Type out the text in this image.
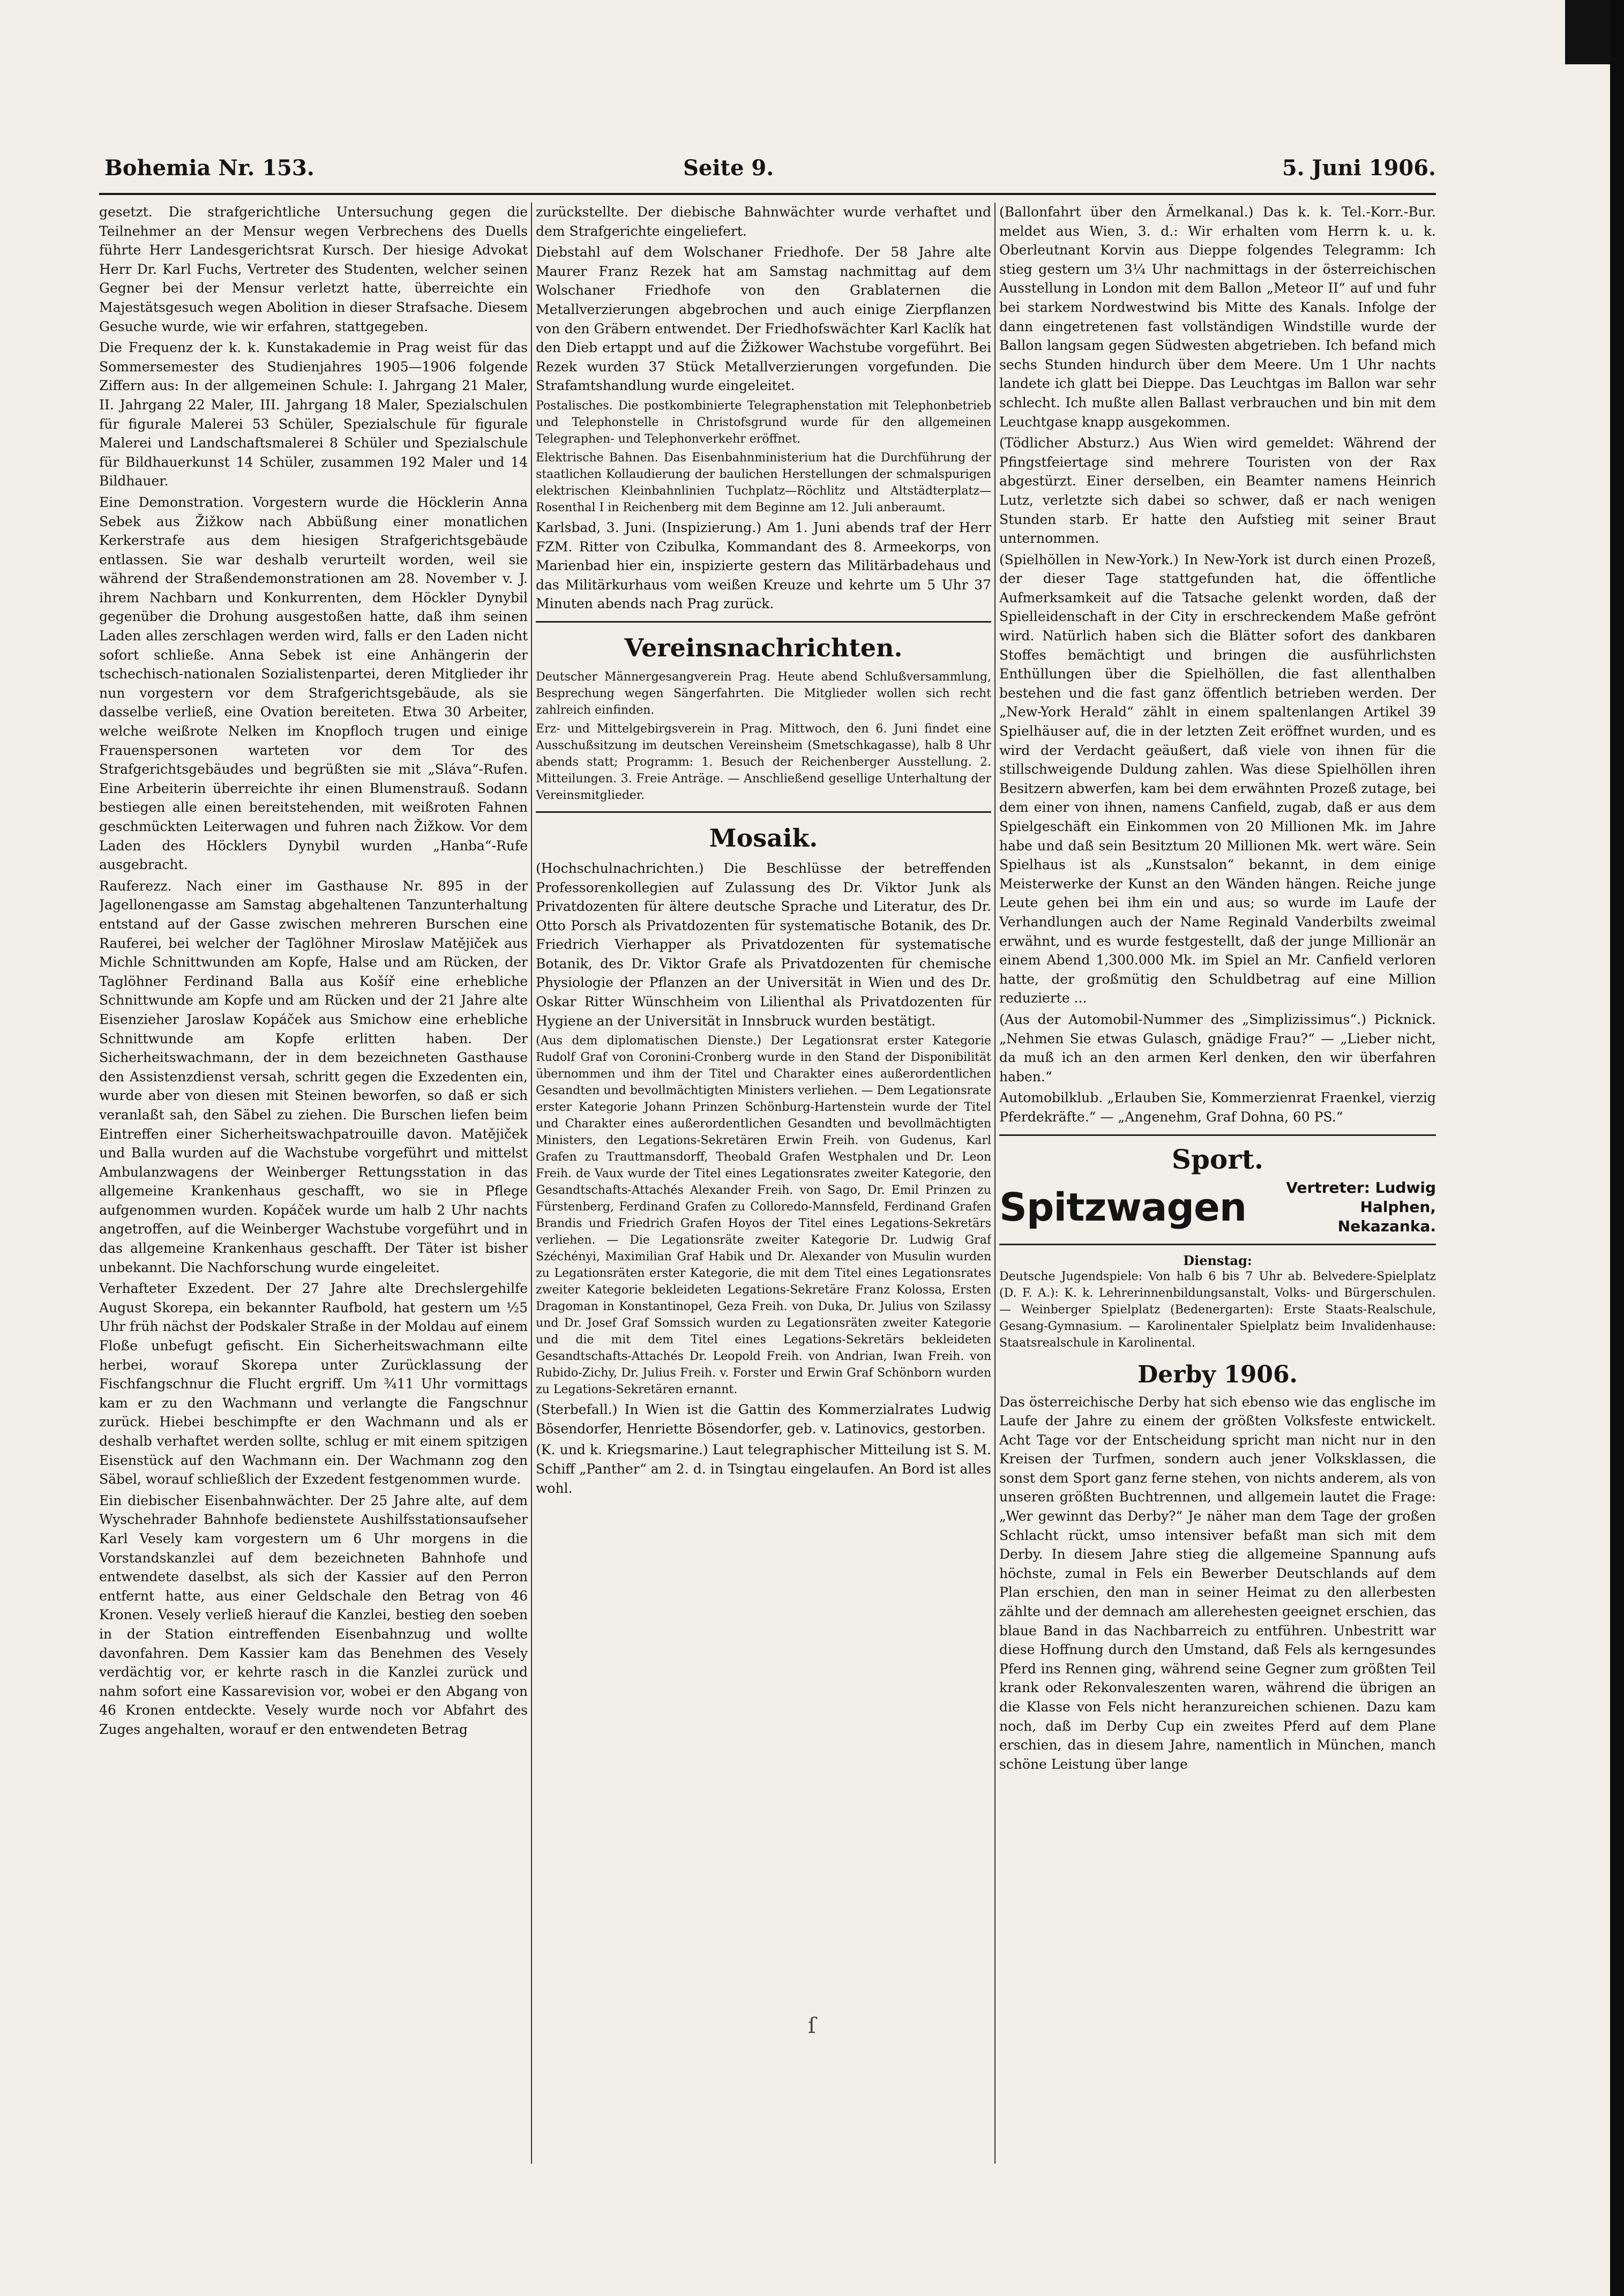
Bohemia Nr. 153.	Seite 9.	5. Juni 1906.

gesetzt. Die strafgerichtliche Untersuchung gegen die Teilnehmer an der Mensur wegen Verbrechens des Duells führte Herr Landesgerichtsrat Kursch. Der hiesige Advokat Herr Dr. Karl Fuchs, Vertreter des Studenten, welcher seinen Gegner bei der Mensur verletzt hatte, überreichte ein Majestätsgesuch wegen Abolition in dieser Strafsache. Diesem Gesuche wurde, wie wir erfahren, stattgegeben.

Die Frequenz der k. k. Kunstakademie in Prag weist für das Sommersemester des Studienjahres 1905—1906 folgende Ziffern aus: In der allgemeinen Schule: I. Jahrgang 21 Maler, II. Jahrgang 22 Maler, III. Jahrgang 18 Maler, Spezialschulen für figurale Malerei 53 Schüler, Spezialschule für figurale Malerei und Landschaftsmalerei 8 Schüler und Spezialschule für Bildhauerkunst 14 Schüler, zusammen 192 Maler und 14 Bildhauer.

Eine Demonstration. Vorgestern wurde die Höcklerin Anna Sebek aus Žižkow nach Abbüßung einer monatlichen Kerkerstrafe aus dem hiesigen Strafgerichtsgebäude entlassen. Sie war deshalb verurteilt worden, weil sie während der Straßendemonstrationen am 28. November v. J. ihrem Nachbarn und Konkurrenten, dem Höckler Dynybil gegenüber die Drohung ausgestoßen hatte, daß ihm seinen Laden alles zerschlagen werden wird, falls er den Laden nicht sofort schließe. Anna Sebek ist eine Anhängerin der tschechisch-nationalen Sozialistenpartei, deren Mitglieder ihr nun vorgestern vor dem Strafgerichtsgebäude, als sie dasselbe verließ, eine Ovation bereiteten. Etwa 30 Arbeiter, welche weißrote Nelken im Knopfloch trugen und einige Frauenspersonen warteten vor dem Tor des Strafgerichtsgebäudes und begrüßten sie mit „Sláva“-Rufen. Eine Arbeiterin überreichte ihr einen Blumenstrauß. Sodann bestiegen alle einen bereitstehenden, mit weißroten Fahnen geschmückten Leiterwagen und fuhren nach Žižkow. Vor dem Laden des Höcklers Dynybil wurden „Hanba“-Rufe ausgebracht.

Rauferezz. Nach einer im Gasthause Nr. 895 in der Jagellonengasse am Samstag abgehaltenen Tanzunterhaltung entstand auf der Gasse zwischen mehreren Burschen eine Rauferei, bei welcher der Taglöhner Miroslaw Matějiček aus Michle Schnittwunden am Kopfe, Halse und am Rücken, der Taglöhner Ferdinand Balla aus Košíř eine erhebliche Schnittwunde am Kopfe und am Rücken und der 21 Jahre alte Eisenzieher Jaroslaw Kopáček aus Smichow eine erhebliche Schnittwunde am Kopfe erlitten haben. Der Sicherheitswachmann, der in dem bezeichneten Gasthause den Assistenzdienst versah, schritt gegen die Exzedenten ein, wurde aber von diesen mit Steinen beworfen, so daß er sich veranlaßt sah, den Säbel zu ziehen. Die Burschen liefen beim Eintreffen einer Sicherheitswachpatrouille davon. Matějiček und Balla wurden auf die Wachstube vorgeführt und mittelst Ambulanzwagens der Weinberger Rettungsstation in das allgemeine Krankenhaus geschafft, wo sie in Pflege aufgenommen wurden. Kopáček wurde um halb 2 Uhr nachts angetroffen, auf die Weinberger Wachstube vorgeführt und in das allgemeine Krankenhaus geschafft. Der Täter ist bisher unbekannt. Die Nachforschung wurde eingeleitet.

Verhafteter Exzedent. Der 27 Jahre alte Drechslergehilfe August Skorepa, ein bekannter Raufbold, hat gestern um ½5 Uhr früh nächst der Podskaler Straße in der Moldau auf einem Floße unbefugt gefischt. Ein Sicherheitswachmann eilte herbei, worauf Skorepa unter Zurücklassung der Fischfangschnur die Flucht ergriff. Um ¾11 Uhr vormittags kam er zu den Wachmann und verlangte die Fangschnur zurück. Hiebei beschimpfte er den Wachmann und als er deshalb verhaftet werden sollte, schlug er mit einem spitzigen Eisenstück auf den Wachmann ein. Der Wachmann zog den Säbel, worauf schließlich der Exzedent festgenommen wurde.

Ein diebischer Eisenbahnwächter. Der 25 Jahre alte, auf dem Wyschehrader Bahnhofe bedienstete Aushilfsstationsaufseher Karl Vesely kam vorgestern um 6 Uhr morgens in die Vorstandskanzlei auf dem bezeichneten Bahnhofe und entwendete daselbst, als sich der Kassier auf den Perron entfernt hatte, aus einer Geldschale den Betrag von 46 Kronen. Vesely verließ hierauf die Kanzlei, bestieg den soeben in der Station eintreffenden Eisenbahnzug und wollte davonfahren. Dem Kassier kam das Benehmen des Vesely verdächtig vor, er kehrte rasch in die Kanzlei zurück und nahm sofort eine Kassarevision vor, wobei er den Abgang von 46 Kronen entdeckte. Vesely wurde noch vor Abfahrt des Zuges angehalten, worauf er den entwendeten Betrag

zurückstellte. Der diebische Bahnwächter wurde verhaftet und dem Strafgerichte eingeliefert.

Diebstahl auf dem Wolschaner Friedhofe. Der 58 Jahre alte Maurer Franz Rezek hat am Samstag nachmittag auf dem Wolschaner Friedhofe von den Grablaternen die Metallverzierungen abgebrochen und auch einige Zierpflanzen von den Gräbern entwendet. Der Friedhofswächter Karl Kaclík hat den Dieb ertappt und auf die Žižkower Wachstube vorgeführt. Bei Rezek wurden 37 Stück Metallverzierungen vorgefunden. Die Strafamtshandlung wurde eingeleitet.

Postalisches. Die postkombinierte Telegraphenstation mit Telephonbetrieb und Telephonstelle in Christofsgrund wurde für den allgemeinen Telegraphen- und Telephonverkehr eröffnet.

Elektrische Bahnen. Das Eisenbahnministerium hat die Durchführung der staatlichen Kollaudierung der baulichen Herstellungen der schmalspurigen elektrischen Kleinbahnlinien Tuchplatz—Röchlitz und Altstädterplatz—Rosenthal I in Reichenberg mit dem Beginne am 12. Juli anberaumt.

Karlsbad, 3. Juni. (Inspizierung.) Am 1. Juni abends traf der Herr FZM. Ritter von Czibulka, Kommandant des 8. Armeekorps, von Marienbad hier ein, inspizierte gestern das Militärbadehaus und das Militärkurhaus vom weißen Kreuze und kehrte um 5 Uhr 37 Minuten abends nach Prag zurück.

Vereinsnachrichten.

Deutscher Männergesangverein Prag. Heute abend Schlußversammlung, Besprechung wegen Sängerfahrten. Die Mitglieder wollen sich recht zahlreich einfinden.

Erz- und Mittelgebirgsverein in Prag. Mittwoch, den 6. Juni findet eine Ausschußsitzung im deutschen Vereinsheim (Smetschkagasse), halb 8 Uhr abends statt; Programm: 1. Besuch der Reichenberger Ausstellung. 2. Mitteilungen. 3. Freie Anträge. — Anschließend gesellige Unterhaltung der Vereinsmitglieder.

Mosaik.

(Hochschulnachrichten.) Die Beschlüsse der betreffenden Professorenkollegien auf Zulassung des Dr. Viktor Junk als Privatdozenten für ältere deutsche Sprache und Literatur, des Dr. Otto Porsch als Privatdozenten für systematische Botanik, des Dr. Friedrich Vierhapper als Privatdozenten für systematische Botanik, des Dr. Viktor Grafe als Privatdozenten für chemische Physiologie der Pflanzen an der Universität in Wien und des Dr. Oskar Ritter Wünschheim von Lilienthal als Privatdozenten für Hygiene an der Universität in Innsbruck wurden bestätigt.

(Aus dem diplomatischen Dienste.) Der Legationsrat erster Kategorie Rudolf Graf von Coronini-Cronberg wurde in den Stand der Disponibilität übernommen und ihm der Titel und Charakter eines außerordentlichen Gesandten und bevollmächtigten Ministers verliehen. — Dem Legationsrate erster Kategorie Johann Prinzen Schönburg-Hartenstein wurde der Titel und Charakter eines außerordentlichen Gesandten und bevollmächtigten Ministers, den Legations-Sekretären Erwin Freih. von Gudenus, Karl Grafen zu Trauttmansdorff, Theobald Grafen Westphalen und Dr. Leon Freih. de Vaux wurde der Titel eines Legationsrates zweiter Kategorie, den Gesandtschafts-Attachés Alexander Freih. von Sago, Dr. Emil Prinzen zu Fürstenberg, Ferdinand Grafen zu Colloredo-Mannsfeld, Ferdinand Grafen Brandis und Friedrich Grafen Hoyos der Titel eines Legations-Sekretärs verliehen. — Die Legationsräte zweiter Kategorie Dr. Ludwig Graf Széchényi, Maximilian Graf Habik und Dr. Alexander von Musulin wurden zu Legationsräten erster Kategorie, die mit dem Titel eines Legationsrates zweiter Kategorie bekleideten Legations-Sekretäre Franz Kolossa, Ersten Dragoman in Konstantinopel, Geza Freih. von Duka, Dr. Julius von Szilassy und Dr. Josef Graf Somssich wurden zu Legationsräten zweiter Kategorie und die mit dem Titel eines Legations-Sekretärs bekleideten Gesandtschafts-Attachés Dr. Leopold Freih. von Andrian, Iwan Freih. von Rubido-Zichy, Dr. Julius Freih. v. Forster und Erwin Graf Schönborn wurden zu Legations-Sekretären ernannt.

(Sterbefall.) In Wien ist die Gattin des Kommerzialrates Ludwig Bösendorfer, Henriette Bösendorfer, geb. v. Latinovics, gestorben.

(K. und k. Kriegsmarine.) Laut telegraphischer Mitteilung ist S. M. Schiff „Panther“ am 2. d. in Tsingtau eingelaufen. An Bord ist alles wohl.

(Ballonfahrt über den Ärmelkanal.) Das k. k. Tel.-Korr.-Bur. meldet aus Wien, 3. d.: Wir erhalten vom Herrn k. u. k. Oberleutnant Korvin aus Dieppe folgendes Telegramm: Ich stieg gestern um 3¼ Uhr nachmittags in der österreichischen Ausstellung in London mit dem Ballon „Meteor II“ auf und fuhr bei starkem Nordwestwind bis Mitte des Kanals. Infolge der dann eingetretenen fast vollständigen Windstille wurde der Ballon langsam gegen Südwesten abgetrieben. Ich befand mich sechs Stunden hindurch über dem Meere. Um 1 Uhr nachts landete ich glatt bei Dieppe. Das Leuchtgas im Ballon war sehr schlecht. Ich mußte allen Ballast verbrauchen und bin mit dem Leuchtgase knapp ausgekommen.

(Tödlicher Absturz.) Aus Wien wird gemeldet: Während der Pfingstfeiertage sind mehrere Touristen von der Rax abgestürzt. Einer derselben, ein Beamter namens Heinrich Lutz, verletzte sich dabei so schwer, daß er nach wenigen Stunden starb. Er hatte den Aufstieg mit seiner Braut unternommen.

(Spielhöllen in New-York.) In New-York ist durch einen Prozeß, der dieser Tage stattgefunden hat, die öffentliche Aufmerksamkeit auf die Tatsache gelenkt worden, daß der Spielleidenschaft in der City in erschreckendem Maße gefrönt wird. Natürlich haben sich die Blätter sofort des dankbaren Stoffes bemächtigt und bringen die ausführlichsten Enthüllungen über die Spielhöllen, die fast allenthalben bestehen und die fast ganz öffentlich betrieben werden. Der „New-York Herald“ zählt in einem spaltenlangen Artikel 39 Spielhäuser auf, die in der letzten Zeit eröffnet wurden, und es wird der Verdacht geäußert, daß viele von ihnen für die stillschweigende Duldung zahlen. Was diese Spielhöllen ihren Besitzern abwerfen, kam bei dem erwähnten Prozeß zutage, bei dem einer von ihnen, namens Canfield, zugab, daß er aus dem Spielgeschäft ein Einkommen von 20 Millionen Mk. im Jahre habe und daß sein Besitztum 20 Millionen Mk. wert wäre. Sein Spielhaus ist als „Kunstsalon“ bekannt, in dem einige Meisterwerke der Kunst an den Wänden hängen. Reiche junge Leute gehen bei ihm ein und aus; so wurde im Laufe der Verhandlungen auch der Name Reginald Vanderbilts zweimal erwähnt, und es wurde festgestellt, daß der junge Millionär an einem Abend 1,300.000 Mk. im Spiel an Mr. Canfield verloren hatte, der großmütig den Schuldbetrag auf eine Million reduzierte ...

(Aus der Automobil-Nummer des „Simplizissimus“.) Picknick. „Nehmen Sie etwas Gulasch, gnädige Frau?“ — „Lieber nicht, da muß ich an den armen Kerl denken, den wir überfahren haben.“

Automobilklub. „Erlauben Sie, Kommerzienrat Fraenkel, vierzig Pferdekräfte.“ — „Angenehm, Graf Dohna, 60 PS.“

Sport.
Spitzwagen	Vertreter: Ludwig Halphen,
Nekazanka.
Dienstag:

Deutsche Jugendspiele: Von halb 6 bis 7 Uhr ab. Belvedere-Spielplatz (D. F. A.): K. k. Lehrerinnenbildungsanstalt, Volks- und Bürgerschulen. — Weinberger Spielplatz (Bedenergarten): Erste Staats-Realschule, Gesang-Gymnasium. — Karolinentaler Spielplatz beim Invalidenhause: Staatsrealschule in Karolinental.

Derby 1906.

Das österreichische Derby hat sich ebenso wie das englische im Laufe der Jahre zu einem der größten Volksfeste entwickelt. Acht Tage vor der Entscheidung spricht man nicht nur in den Kreisen der Turfmen, sondern auch jener Volksklassen, die sonst dem Sport ganz ferne stehen, von nichts anderem, als von unseren größten Buchtrennen, und allgemein lautet die Frage: „Wer gewinnt das Derby?“ Je näher man dem Tage der großen Schlacht rückt, umso intensiver befaßt man sich mit dem Derby. In diesem Jahre stieg die allgemeine Spannung aufs höchste, zumal in Fels ein Bewerber Deutschlands auf dem Plan erschien, den man in seiner Heimat zu den allerbesten zählte und der demnach am allerehesten geeignet erschien, das blaue Band in das Nachbarreich zu entführen. Unbestritt war diese Hoffnung durch den Umstand, daß Fels als kerngesundes Pferd ins Rennen ging, während seine Gegner zum größten Teil krank oder Rekonvaleszenten waren, während die übrigen an die Klasse von Fels nicht heranzureichen schienen. Dazu kam noch, daß im Derby Cup ein zweites Pferd auf dem Plane erschien, das in diesem Jahre, namentlich in München, manch schöne Leistung über lange

ſ
